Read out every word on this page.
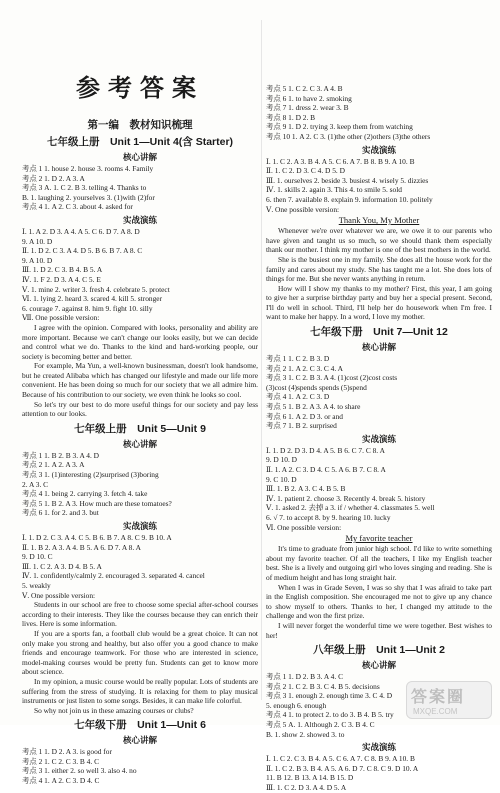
参考答案
第一编　教材知识梳理
七年级上册　Unit 1—Unit 4(含 Starter)
核心讲解
考点 1 1. house 2. house 3. rooms 4. Family
考点 2 1. D 2. A 3. A
考点 3 A. 1. C 2. B 3. telling 4. Thanks to
B. 1. laughing 2. yourselves 3. (1)with (2)for
考点 4 1. A 2. C 3. about 4. asked for
实战演练
Ⅰ. 1. A 2. D 3. A 4. A 5. C 6. D 7. A 8. D
9. A 10. D
Ⅱ. 1. D 2. C 3. A 4. D 5. B 6. B 7. A 8. C
9. A 10. D
Ⅲ. 1. D 2. C 3. B 4. B 5. A
Ⅳ. 1. F 2. D 3. A 4. C 5. E
Ⅴ. 1. mine 2. writer 3. fresh 4. celebrate 5. protect
Ⅵ. 1. lying 2. heard 3. scared 4. kill 5. stronger
6. courage 7. against 8. him 9. fight 10. silly
Ⅶ. One possible version:

I agree with the opinion. Compared with looks, personality and ability are more important. Because we can't change our looks easily, but we can decide and control what we do. Thanks to the kind and hard-working people, our society is becoming better and better.

For example, Ma Yun, a well-known businessman, doesn't look handsome, but he created Alibaba which has changed our lifestyle and made our life more convenient. He has been doing so much for our society that we all admire him. Because of his contribution to our society, we even think he looks so cool.

So let's try our best to do more useful things for our society and pay less attention to our looks.

七年级上册　Unit 5—Unit 9
核心讲解
考点 1 1. B 2. B 3. A 4. D
考点 2 1. A 2. A 3. A
考点 3 1. (1)interesting (2)surprised (3)boring
2. A 3. C
考点 4 1. being 2. carrying 3. fetch 4. take
考点 5 1. B 2. A 3. How much are these tomatoes?
考点 6 1. for 2. and 3. but
实战演练
Ⅰ. 1. D 2. C 3. A 4. C 5. B 6. B 7. A 8. C 9. B 10. A
Ⅱ. 1. B 2. A 3. A 4. B 5. A 6. D 7. A 8. A
9. D 10. C
Ⅲ. 1. C 2. A 3. D 4. B 5. A
Ⅳ. 1. confidently/calmly 2. encouraged 3. separated 4. cancel
5. weakly
Ⅴ. One possible version:

Students in our school are free to choose some special after-school courses according to their interests. They like the courses because they can enrich their lives. Here is some information.

If you are a sports fan, a football club would be a great choice. It can not only make you strong and healthy, but also offer you a good chance to make friends and encourage teamwork. For those who are interested in science, model-making courses would be pretty fun. Students can get to know more about science.

In my opinion, a music course would be really popular. Lots of students are suffering from the stress of studying. It is relaxing for them to play musical instruments or just listen to some songs. Besides, it can make life colorful.

So why not join us in these amazing courses or clubs?

七年级下册　Unit 1—Unit 6
核心讲解
考点 1 1. D 2. A 3. is good for
考点 2 1. C 2. C 3. B 4. C
考点 3 1. either 2. so well 3. also 4. no
考点 4 1. A 2. C 3. D 4. C
考点 5 1. C 2. C 3. A 4. B
考点 6 1. to have 2. smoking
考点 7 1. dress 2. wear 3. B
考点 8 1. D 2. B
考点 9 1. D 2. trying 3. keep them from watching
考点 10 1. A 2. C 3. (1)the other (2)others (3)the others
实战演练
Ⅰ. 1. C 2. A 3. B 4. A 5. C 6. A 7. B 8. B 9. A 10. B
Ⅱ. 1. C 2. D 3. C 4. D 5. D
Ⅲ. 1. ourselves 2. beside 3. busiest 4. wisely 5. dizzies
Ⅳ. 1. skills 2. again 3. This 4. to smile 5. sold
6. then 7. available 8. explain 9. information 10. politely
Ⅴ. One possible version:
Thank You, My Mother

Whenever we're over whatever we are, we owe it to our parents who have given and taught us so much, so we should thank them especially thank our mother. I think my mother is one of the best mothers in the world.

She is the busiest one in my family. She does all the house work for the family and cares about my study. She has taught me a lot. She does lots of things for me. But she never wants anything in return.

How will I show my thanks to my mother? First, this year, I am going to give her a surprise birthday party and buy her a special present. Second, I'll do well in school. Third, I'll help her do housework when I'm free. I want to make her happy. In a word, I love my mother.

七年级下册　Unit 7—Unit 12
核心讲解
考点 1 1. C 2. B 3. D
考点 2 1. A 2. C 3. C 4. A
考点 3 1. C 2. B 3. A 4. (1)cost (2)cost costs
(3)cost (4)spends spends (5)spend
考点 4 1. A 2. C 3. D
考点 5 1. B 2. A 3. A 4. to share
考点 6 1. A 2. D 3. or and
考点 7 1. B 2. surprised
实战演练
Ⅰ. 1. D 2. D 3. D 4. A 5. B 6. C 7. C 8. A
9. D 10. D
Ⅱ. 1. A 2. C 3. D 4. C 5. A 6. B 7. C 8. A
9. C 10. D
Ⅲ. 1. B 2. A 3. C 4. B 5. B
Ⅳ. 1. patient 2. choose 3. Recently 4. break 5. history
Ⅴ. 1. asked 2. 去掉 a 3. if / whether 4. classmates 5. well
6. √ 7. to accept 8. by 9. hearing 10. lucky
Ⅵ. One possible version:
My favorite teacher

It's time to graduate from junior high school. I'd like to write something about my favorite teacher. Of all the teachers, I like my English teacher best. She is a lively and outgoing girl who loves singing and reading. She is of medium height and has long straight hair.

When I was in Grade Seven, I was so shy that I was afraid to take part in the English composition. She encouraged me not to give up any chance to show myself to others. Thanks to her, I changed my attitude to the challenge and won the first prize.

I will never forget the wonderful time we were together. Best wishes to her!

八年级上册　Unit 1—Unit 2
核心讲解
考点 1 1. D 2. B 3. A 4. C
考点 2 1. C 2. B 3. C 4. B 5. decisions
考点 3 1. enough 2. enough time 3. C 4. D
5. enough 6. enough
考点 4 1. to protect 2. to do 3. B 4. B 5. try
考点 5 A. 1. Although 2. C 3. B 4. C
B. 1. show 2. showed 3. to
实战演练
Ⅰ. 1. C 2. C 3. B 4. A 5. C 6. A 7. C 8. B 9. A 10. B
Ⅱ. 1. C 2. B 3. B 4. A 5. A 6. D 7. C 8. C 9. D 10. A
11. B 12. B 13. A 14. B 15. D
Ⅲ. 1. C 2. D 3. A 4. D 5. A
答案圈
MXQE.COM
